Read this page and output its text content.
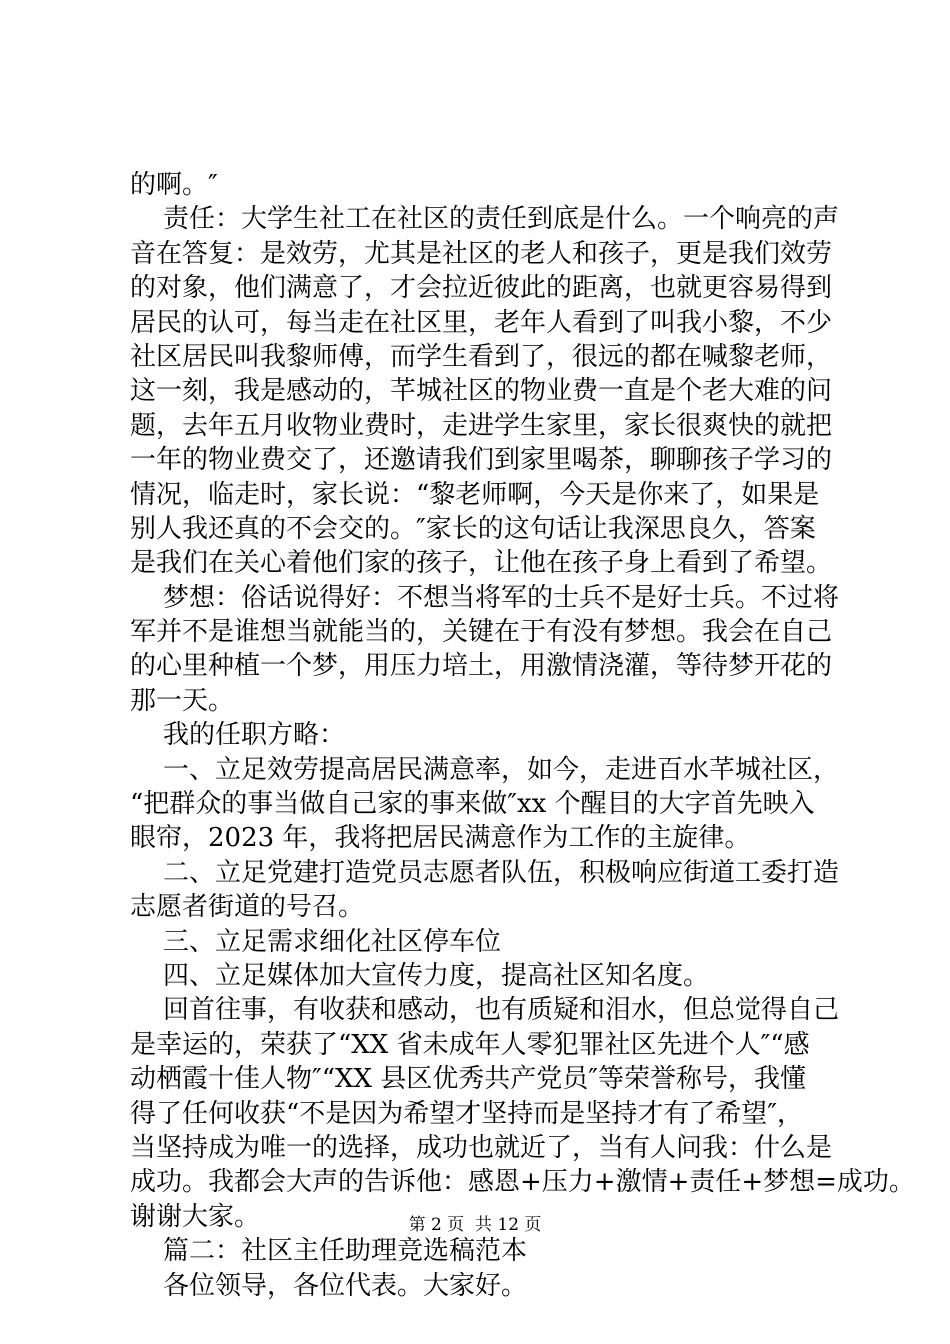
的啊。″
责任：大学生社工在社区的责任到底是什么。一个响亮的声
音在答复：是效劳，尤其是社区的老人和孩子，更是我们效劳
的对象，他们满意了，才会拉近彼此的距离，也就更容易得到
居民的认可，每当走在社区里，老年人看到了叫我小黎，不少
社区居民叫我黎师傅，而学生看到了，很远的都在喊黎老师，
这一刻，我是感动的，芊城社区的物业费一直是个老大难的问
题，去年五月收物业费时，走进学生家里，家长很爽快的就把
一年的物业费交了，还邀请我们到家里喝茶，聊聊孩子学习的
情况，临走时，家长说：“黎老师啊，今天是你来了，如果是
别人我还真的不会交的。″家长的这句话让我深思良久，答案
是我们在关心着他们家的孩子，让他在孩子身上看到了希望。
梦想：俗话说得好：不想当将军的士兵不是好士兵。不过将
军并不是谁想当就能当的，关键在于有没有梦想。我会在自己
的心里种植一个梦，用压力培土，用激情浇灌，等待梦开花的
那一天。
我的任职方略：
一、立足效劳提高居民满意率，如今，走进百水芊城社区，
“把群众的事当做自己家的事来做″xx 个醒目的大字首先映入
眼帘，2023 年，我将把居民满意作为工作的主旋律。
二、立足党建打造党员志愿者队伍，积极响应街道工委打造
志愿者街道的号召。
三、立足需求细化社区停车位
四、立足媒体加大宣传力度，提高社区知名度。
回首往事，有收获和感动，也有质疑和泪水，但总觉得自己
是幸运的，荣获了“XX 省未成年人零犯罪社区先进个人″“感
动栖霞十佳人物″“XX 县区优秀共产党员″等荣誉称号，我懂
得了任何收获“不是因为希望才坚持而是坚持才有了希望″，
当坚持成为唯一的选择，成功也就近了，当有人问我：什么是
成功。我都会大声的告诉他：感恩+压力+激情+责任+梦想=成功。
谢谢大家。
篇二：社区主任助理竞选稿范本
各位领导，各位代表。大家好。
第 2 页  共 12 页
